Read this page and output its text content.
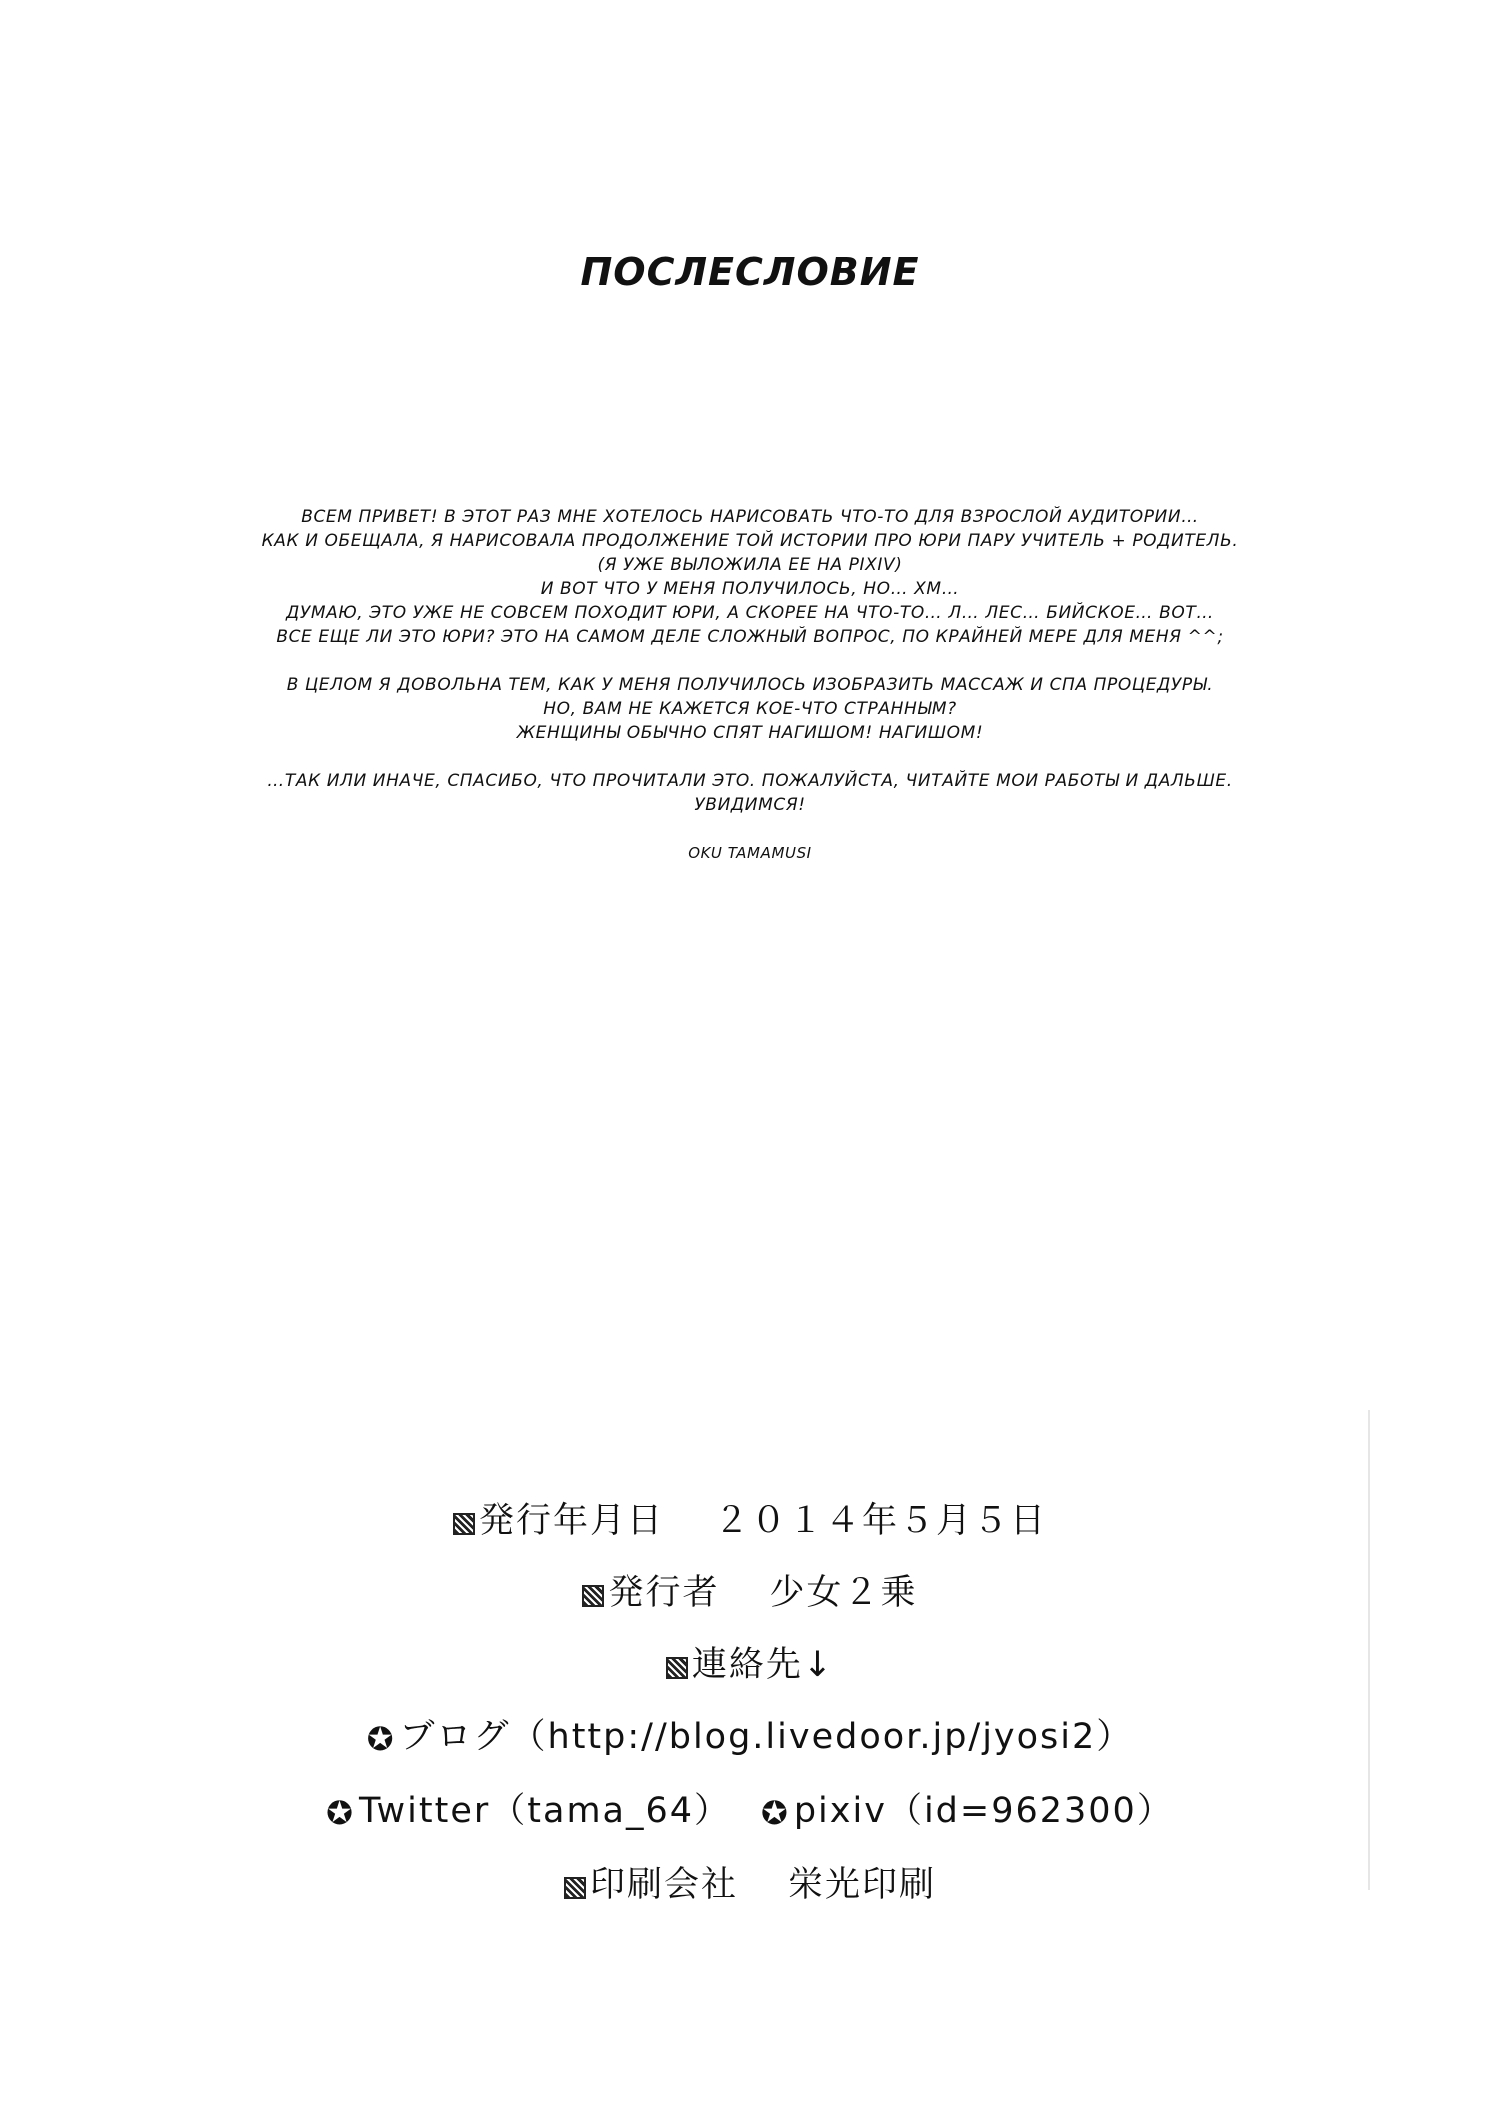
ПОСЛЕСЛОВИЕ
ВСЕМ ПРИВЕТ! В ЭТОТ РАЗ МНЕ ХОТЕЛОСЬ НАРИСОВАТЬ ЧТО-ТО ДЛЯ ВЗРОСЛОЙ АУДИТОРИИ…
КАК И ОБЕЩАЛА, Я НАРИСОВАЛА ПРОДОЛЖЕНИЕ ТОЙ ИСТОРИИ ПРО ЮРИ ПАРУ УЧИТЕЛЬ + РОДИТЕЛЬ.
(Я УЖЕ ВЫЛОЖИЛА ЕЕ НА PIXIV)
И ВОТ ЧТО У МЕНЯ ПОЛУЧИЛОСЬ, НО… ХМ…
ДУМАЮ, ЭТО УЖЕ НЕ СОВСЕМ ПОХОДИТ ЮРИ, А СКОРЕЕ НА ЧТО-ТО… Л… ЛЕС… БИЙСКОЕ… ВОТ…
ВСЕ ЕЩЕ ЛИ ЭТО ЮРИ? ЭТО НА САМОМ ДЕЛЕ СЛОЖНЫЙ ВОПРОС, ПО КРАЙНЕЙ МЕРЕ ДЛЯ МЕНЯ ^^;
В ЦЕЛОМ Я ДОВОЛЬНА ТЕМ, КАК У МЕНЯ ПОЛУЧИЛОСЬ ИЗОБРАЗИТЬ МАССАЖ И СПА ПРОЦЕДУРЫ.
НО, ВАМ НЕ КАЖЕТСЯ КОЕ-ЧТО СТРАННЫМ?
ЖЕНЩИНЫ ОБЫЧНО СПЯТ НАГИШОМ! НАГИШОМ!
…ТАК ИЛИ ИНАЧЕ, СПАСИБО, ЧТО ПРОЧИТАЛИ ЭТО. ПОЖАЛУЙСТА, ЧИТАЙТЕ МОИ РАБОТЫ И ДАЛЬШЕ.
УВИДИМСЯ!
OKU TAMAMUSI
発行年月日 ２０１４年５月５日
発行者 少女２乗
連絡先↓
✪ ブログ（http://blog.livedoor.jp/jyosi2）
✪ Twitter（tama_64） ✪ pixiv（id=962300）
印刷会社 栄光印刷
